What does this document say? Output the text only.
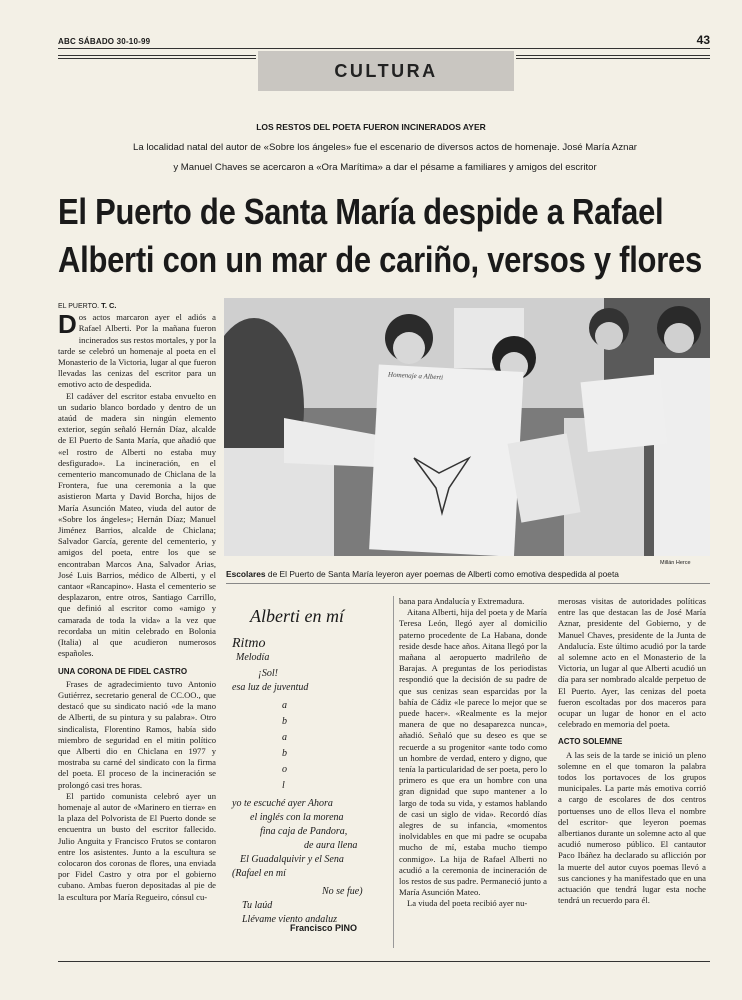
ABC SÁBADO 30-10-99	43
CULTURA
LOS RESTOS DEL POETA FUERON INCINERADOS AYER
La localidad natal del autor de «Sobre los ángeles» fue el escenario de diversos actos de homenaje. José María Aznar
y Manuel Chaves se acercaron a «Ora Marítima» a dar el pésame a familiares y amigos del escritor
El Puerto de Santa María despide a Rafael
Alberti con un mar de cariño, versos y flores
EL PUERTO. T. C.
D os actos marcaron ayer el adiós a Rafael Alberti. Por la mañana fueron incinerados sus restos mortales, y por la tarde se celebró un homenaje al poeta en el Monasterio de la Victoria, lugar al que fueron llevadas las cenizas del escritor para un emotivo acto de despedida.

El cadáver del escritor estaba envuelto en un sudario blanco bordado y dentro de un ataúd de madera sin ningún elemento exterior, según señaló Hernán Díaz, alcalde de El Puerto de Santa María, que añadió que «el rostro de Alberti no estaba muy desfigurado». La incineración, en el cementerio mancomunado de Chiclana de la Frontera, fue una ceremonia a la que asistieron Marta y David Borcha, hijos de María Asunción Mateo, viuda del autor de «Sobre los ángeles»; Hernán Díaz; Manuel Jiménez Barrios, alcalde de Chiclana; Salvador García, gerente del cementerio, y amigos del poeta, entre los que se encontraban Marcos Ana, Salvador Arias, José Luis Barrios, médico de Alberti, y el cantaor «Rancapino». Hasta el cementerio se desplazaron, entre otros, Santiago Carrillo, que definió al escritor como «amigo y camarada de toda la vida» a la vez que recordaba un mitin celebrado en Bolonia (Italia) al que acudieron numerosos españoles.

UNA CORONA DE FIDEL CASTRO

Frases de agradecimiento tuvo Antonio Gutiérrez, secretario general de CC.OO., que destacó que su sindicato nació «de la mano de Alberti, de su pintura y su palabra». Otro sindicalista, Florentino Ramos, había sido miembro de seguridad en el mitin político que Alberti dio en Chiclana en 1977 y mostraba su carné del sindicato con la firma del poeta. El proceso de la incineración se prolongó casi tres horas.

El partido comunista celebró ayer un homenaje al autor de «Marinero en tierra» en la plaza del Polvorista de El Puerto donde se encuentra un busto del escritor fallecido. Julio Anguita y Francisco Frutos se contaron entre los asistentes. Junto a la escultura se colocaron dos coronas de flores, una enviada por Fidel Castro y otra por el gobierno cubano. Ambas fueron depositadas al pie de la escultura por María Regueiro, cónsul cu-

Homenaje a Alberti
Millán Herce
Escolares de El Puerto de Santa María leyeron ayer poemas de Alberti como emotiva despedida al poeta
Alberti en mí
Ritmo
Melodía
¡Sol!
esa luz de juventud
a
b
a
b
o
l
yo te escuché ayer Ahora
el inglés con la morena
fina caja de Pandora,
de aura llena
El Guadalquivir y el Sena
(Rafael en mí
No se fue)
Tu laúd
Llévame viento andaluz
Francisco PINO

bana para Andalucía y Extremadura.

Aitana Alberti, hija del poeta y de María Teresa León, llegó ayer al domicilio paterno procedente de La Habana, donde reside desde hace años. Aitana llegó por la mañana al aeropuerto madrileño de Barajas. A preguntas de los periodistas respondió que la decisión de su padre de que sus cenizas sean esparcidas por la bahía de Cádiz «le parece lo mejor que se puede hacer». «Realmente es la mejor manera de que no desaparezca nunca», añadió. Señaló que su deseo es que se recuerde a su progenitor «ante todo como un hombre de verdad, entero y digno, que tenía la particularidad de ser poeta, pero lo primero es que era un hombre con una gran dignidad que supo mantener a lo largo de toda su vida, y estamos hablando de casi un siglo de vida». Recordó días alegres de su infancia, «momentos inolvidables en que mi padre se ocupaba mucho de mí, estaba mucho tiempo conmigo». La hija de Rafael Alberti no acudió a la ceremonia de incineración de los restos de sus padre. Permaneció junto a María Asunción Mateo.

La viuda del poeta recibió ayer nu-

merosas visitas de autoridades políticas entre las que destacan las de José María Aznar, presidente del Gobierno, y de Manuel Chaves, presidente de la Junta de Andalucía. Este último acudió por la tarde al solemne acto en el Monasterio de la Victoria, un lugar al que Alberti acudió un día para ser nombrado alcalde perpetuo de El Puerto. Ayer, las cenizas del poeta fueron escoltadas por dos maceros para ocupar un lugar de honor en el acto celebrado en memoria del poeta.

ACTO SOLEMNE

A las seis de la tarde se inició un pleno solemne en el que tomaron la palabra todos los portavoces de los grupos municipales. La parte más emotiva corrió a cargo de escolares de dos centros portuenses uno de ellos lleva el nombre del escritor- que leyeron poemas albertianos durante un solemne acto al que acudió numeroso público. El cantautor Paco Ibáñez ha declarado su aflicción por la muerte del autor cuyos poemas llevó a sus canciones y ha manifestado que en una actuación que tendrá lugar esta noche tendrá un recuerdo para él.
